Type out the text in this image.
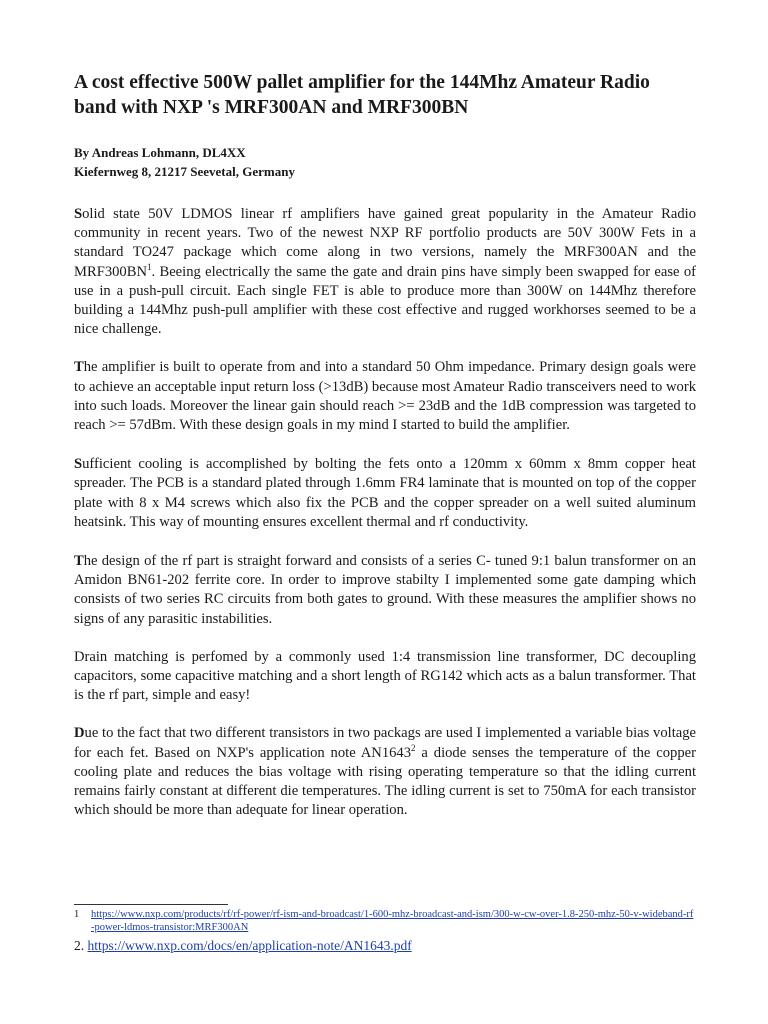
A cost effective 500W pallet amplifier for the 144Mhz Amateur Radio band with NXP 's MRF300AN and MRF300BN
By Andreas Lohmann, DL4XX
Kiefernweg 8, 21217 Seevetal, Germany

Solid state 50V LDMOS linear rf amplifiers have gained great popularity in the Amateur Radio community in recent years. Two of the newest NXP RF portfolio products are 50V 300W Fets in a standard TO247 package which come along in two versions, namely the MRF300AN and the $MRF300BN^1$. Beeing electrically the same the gate and drain pins have simply been swapped for ease of use in a push-pull circuit. Each single FET is able to produce more than 300W on 144Mhz therefore building a 144Mhz push-pull amplifier with these cost effective and rugged workhorses seemed to be a nice challenge.

The amplifier is built to operate from and into a standard 50 Ohm impedance. Primary design goals were to achieve an acceptable input return loss (>13dB) because most Amateur Radio transceivers need to work into such loads. Moreover the linear gain should reach >= 23dB and the 1dB compression was targeted to reach >= 57dBm. With these design goals in my mind I started to build the amplifier.

Sufficient cooling is accomplished by bolting the fets onto a 120mm x 60mm x 8mm copper heat spreader. The PCB is a standard plated through 1.6mm FR4 laminate that is mounted on top of the copper plate with 8 x M4 screws which also fix the PCB and the copper spreader on a well suited aluminum heatsink. This way of mounting ensures excellent thermal and rf conductivity.

The design of the rf part is straight forward and consists of a series C- tuned 9:1 balun transformer on an Amidon BN61-202 ferrite core. In order to improve stabilty I implemented some gate damping which consists of two series RC circuits from both gates to ground. With these measures the amplifier shows no signs of any parasitic instabilities.

Drain matching is perfomed by a commonly used 1:4 transmission line transformer, DC decoupling capacitors, some capacitive matching and a short length of RG142 which acts as a balun transformer. That is the rf part, simple and easy!

Due to the fact that two different transistors in two packags are used I implemented a variable bias voltage for each fet. Based on NXP's application note AN1643$^2$ a diode senses the temperature of the copper cooling plate and reduces the bias voltage with rising operating temperature so that the idling current remains fairly constant at different die temperatures. The idling current is set to 750mA for each transistor which should be more than adequate for linear operation.

1 https://www.nxp.com/products/rf/rf-power/rf-ism-and-broadcast/1-600-mhz-broadcast-and-ism/300-w-cw-over-1.8-250-mhz-50-v-wideband-rf-power-ldmos-transistor:MRF300AN
2. https://www.nxp.com/docs/en/application-note/AN1643.pdf
